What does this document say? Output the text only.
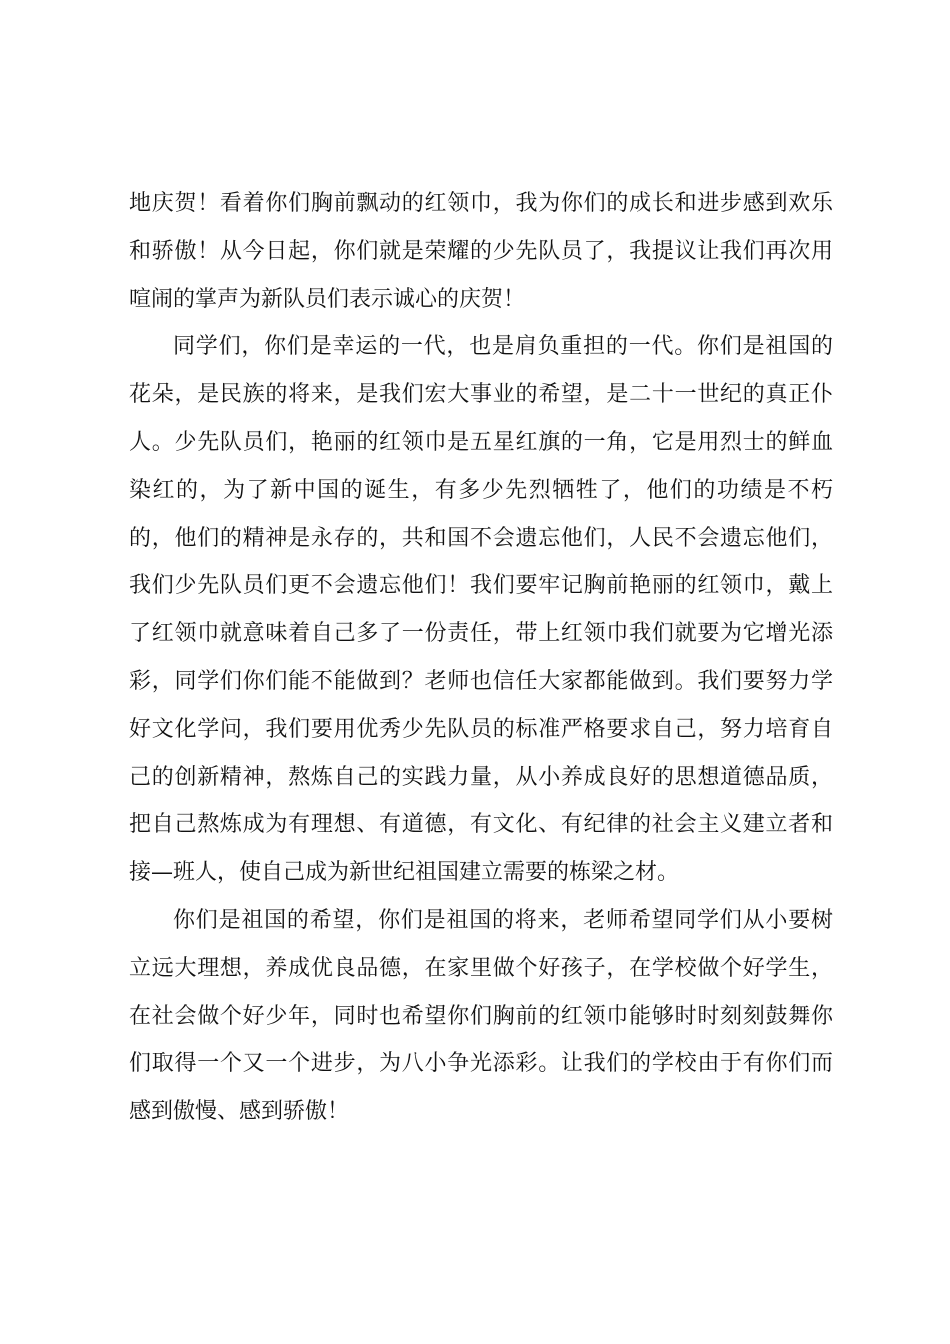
地庆贺！看着你们胸前飘动的红领巾，我为你们的成长和进步感到欢乐
和骄傲！从今日起，你们就是荣耀的少先队员了，我提议让我们再次用
喧闹的掌声为新队员们表示诚心的庆贺！
同学们，你们是幸运的一代，也是肩负重担的一代。你们是祖国的
花朵，是民族的将来，是我们宏大事业的希望，是二十一世纪的真正仆
人。少先队员们，艳丽的红领巾是五星红旗的一角，它是用烈士的鲜血
染红的，为了新中国的诞生，有多少先烈牺牲了，他们的功绩是不朽
的，他们的精神是永存的，共和国不会遗忘他们，人民不会遗忘他们，
我们少先队员们更不会遗忘他们！我们要牢记胸前艳丽的红领巾，戴上
了红领巾就意味着自己多了一份责任，带上红领巾我们就要为它增光添
彩，同学们你们能不能做到？老师也信任大家都能做到。我们要努力学
好文化学问，我们要用优秀少先队员的标准严格要求自己，努力培育自
己的创新精神，熬炼自己的实践力量，从小养成良好的思想道德品质，
把自己熬炼成为有理想、有道德，有文化、有纪律的社会主义建立者和
接—班人，使自己成为新世纪祖国建立需要的栋梁之材。
你们是祖国的希望，你们是祖国的将来，老师希望同学们从小要树
立远大理想，养成优良品德，在家里做个好孩子，在学校做个好学生，
在社会做个好少年，同时也希望你们胸前的红领巾能够时时刻刻鼓舞你
们取得一个又一个进步，为八小争光添彩。让我们的学校由于有你们而
感到傲慢、感到骄傲！
